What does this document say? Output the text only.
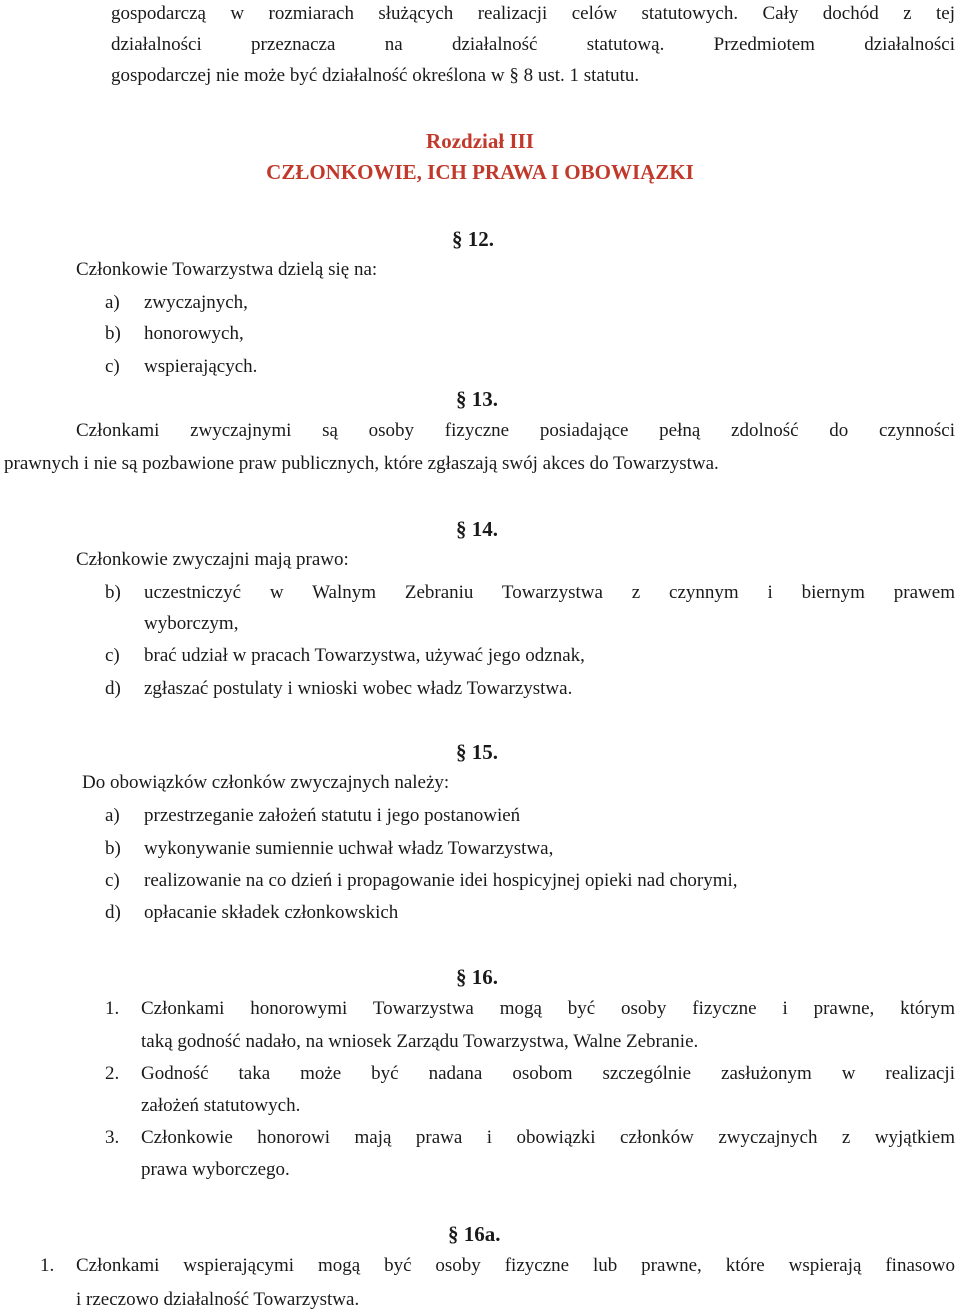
gospodarczą w rozmiarach służących realizacji celów statutowych. Cały dochód z tej
działalności przeznacza na działalność statutową. Przedmiotem działalności
gospodarczej nie może być działalność określona w § 8 ust. 1 statutu.
Rozdział III
CZŁONKOWIE, ICH PRAWA I OBOWIĄZKI
§ 12.
Członkowie Towarzystwa dzielą się na:
a) zwyczajnych,
b) honorowych,
c) wspierających.
§ 13.
Członkami zwyczajnymi są osoby fizyczne posiadające pełną zdolność do czynności
prawnych i nie są pozbawione praw publicznych, które zgłaszają swój akces do Towarzystwa.
§ 14.
Członkowie zwyczajni mają prawo:
b) uczestniczyć w Walnym Zebraniu Towarzystwa z czynnym i biernym prawem
wyborczym,
c) brać udział w pracach Towarzystwa, używać jego odznak,
d) zgłaszać postulaty i wnioski wobec władz Towarzystwa.
§ 15.
Do obowiązków członków zwyczajnych należy:
a) przestrzeganie założeń statutu i jego postanowień
b) wykonywanie sumiennie uchwał władz Towarzystwa,
c) realizowanie na co dzień i propagowanie idei hospicyjnej opieki nad chorymi,
d) opłacanie składek członkowskich
§ 16.
1. Członkami honorowymi Towarzystwa mogą być osoby fizyczne i prawne, którym
taką godność nadało, na wniosek Zarządu Towarzystwa, Walne Zebranie.
2. Godność taka może być nadana osobom szczególnie zasłużonym w realizacji
założeń statutowych.
3. Członkowie honorowi mają prawa i obowiązki członków zwyczajnych z wyjątkiem
prawa wyborczego.
§ 16a.
1. Członkami wspierającymi mogą być osoby fizyczne lub prawne, które wspierają finasowo
i rzeczowo działalność Towarzystwa.
